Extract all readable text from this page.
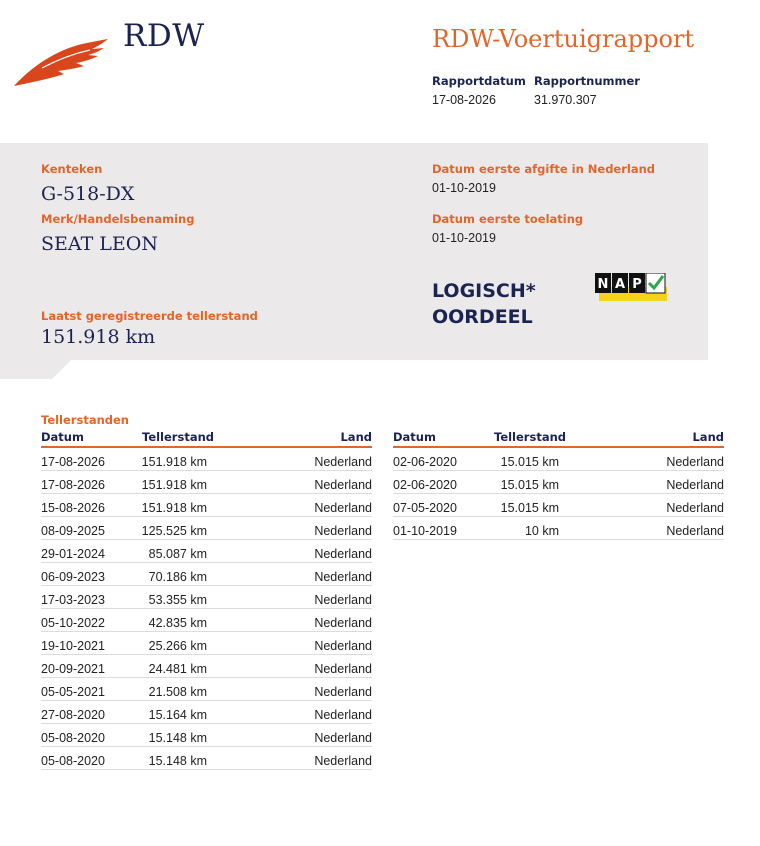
RDW	RDW-Voertuigrapport
Rapportdatum
17-08-2026
Rapportnummer
31.970.307
Kenteken
G-518-DX
Merk/Handelsbenaming
SEAT LEON
Laatst geregistreerde tellerstand
151.918 km
Datum eerste afgifte in Nederland
01-10-2019
Datum eerste toelating
01-10-2019
LOGISCH*
OORDEEL
N A P
Tellerstanden
Datum	Tellerstand	Land
17-08-2026	151.918 km	Nederland
17-08-2026	151.918 km	Nederland
15-08-2026	151.918 km	Nederland
08-09-2025	125.525 km	Nederland
29-01-2024	85.087 km	Nederland
06-09-2023	70.186 km	Nederland
17-03-2023	53.355 km	Nederland
05-10-2022	42.835 km	Nederland
19-10-2021	25.266 km	Nederland
20-09-2021	24.481 km	Nederland
05-05-2021	21.508 km	Nederland
27-08-2020	15.164 km	Nederland
05-08-2020	15.148 km	Nederland
05-08-2020	15.148 km	Nederland
Datum	Tellerstand	Land
02-06-2020	15.015 km	Nederland
02-06-2020	15.015 km	Nederland
07-05-2020	15.015 km	Nederland
01-10-2019	10 km	Nederland
